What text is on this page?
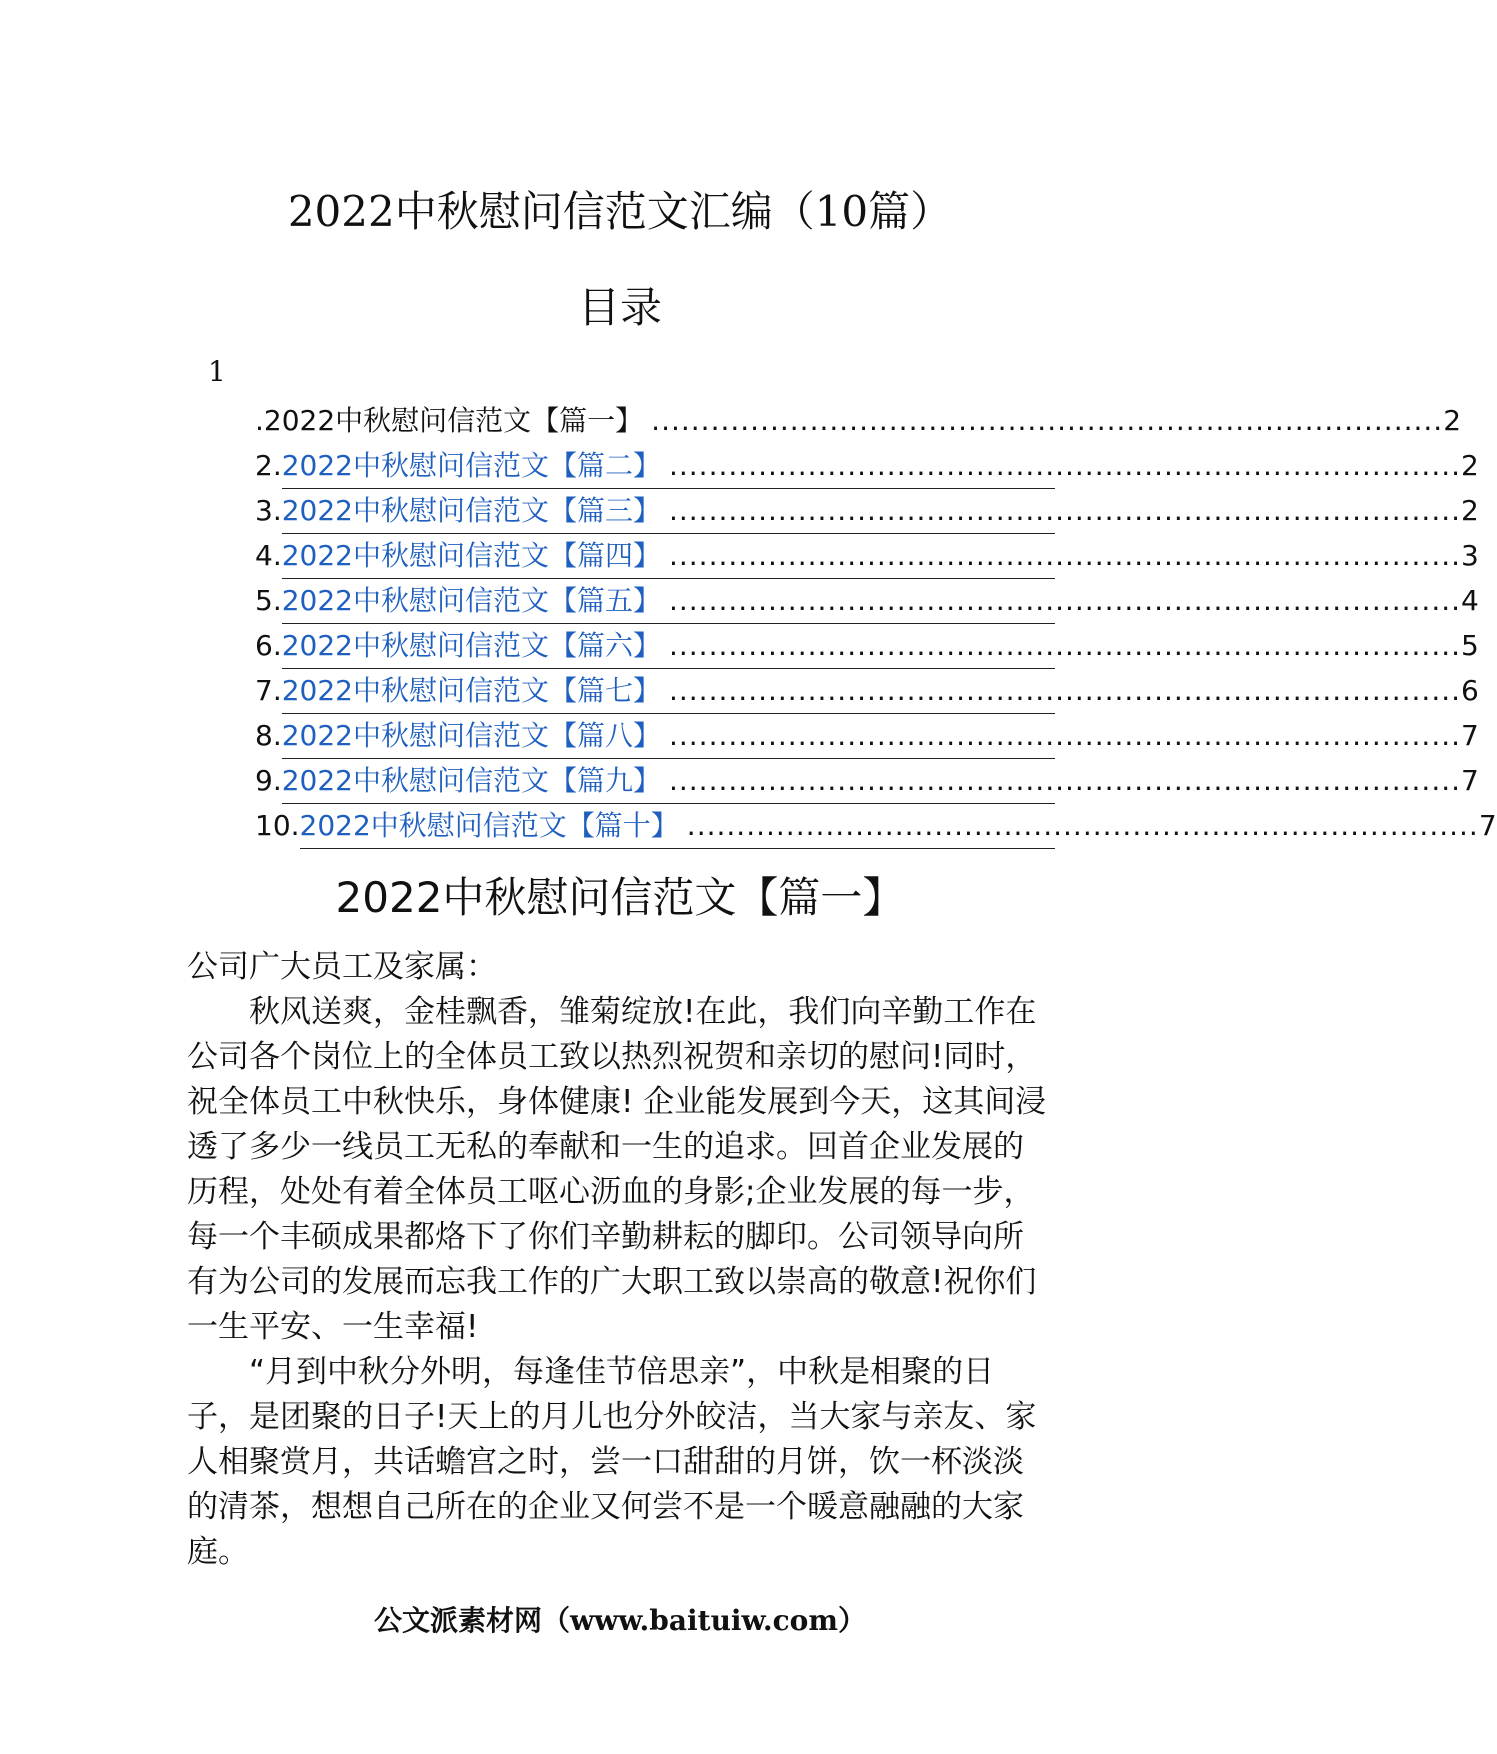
2022中秋慰问信范文汇编（10篇）
目录
1
. 2022中秋慰问信范文【篇一】 ................................................................................ 2
2. 2022中秋慰问信范文【篇二】 ................................................................................ 2
3. 2022中秋慰问信范文【篇三】 ................................................................................ 2
4. 2022中秋慰问信范文【篇四】 ................................................................................ 3
5. 2022中秋慰问信范文【篇五】 ................................................................................ 4
6. 2022中秋慰问信范文【篇六】 ................................................................................ 5
7. 2022中秋慰问信范文【篇七】 ................................................................................ 6
8. 2022中秋慰问信范文【篇八】 ................................................................................ 7
9. 2022中秋慰问信范文【篇九】 ................................................................................ 7
10. 2022中秋慰问信范文【篇十】 ................................................................................ 7
2022中秋慰问信范文【篇一】

公司广大员工及家属：

秋风送爽，金桂飘香，雏菊绽放!在此，我们向辛勤工作在公司各个岗位上的全体员工致以热烈祝贺和亲切的慰问!同时，祝全体员工中秋快乐，身体健康! 企业能发展到今天，这其间浸透了多少一线员工无私的奉献和一生的追求。回首企业发展的历程，处处有着全体员工呕心沥血的身影;企业发展的每一步，每一个丰硕成果都烙下了你们辛勤耕耘的脚印。公司领导向所有为公司的发展而忘我工作的广大职工致以崇高的敬意!祝你们一生平安、一生幸福!

“月到中秋分外明，每逢佳节倍思亲”，中秋是相聚的日子，是团聚的日子!天上的月儿也分外皎洁，当大家与亲友、家人相聚赏月，共话蟾宫之时，尝一口甜甜的月饼，饮一杯淡淡的清茶，想想自己所在的企业又何尝不是一个暖意融融的大家庭。

公文派素材网（www.baituiw.com）
